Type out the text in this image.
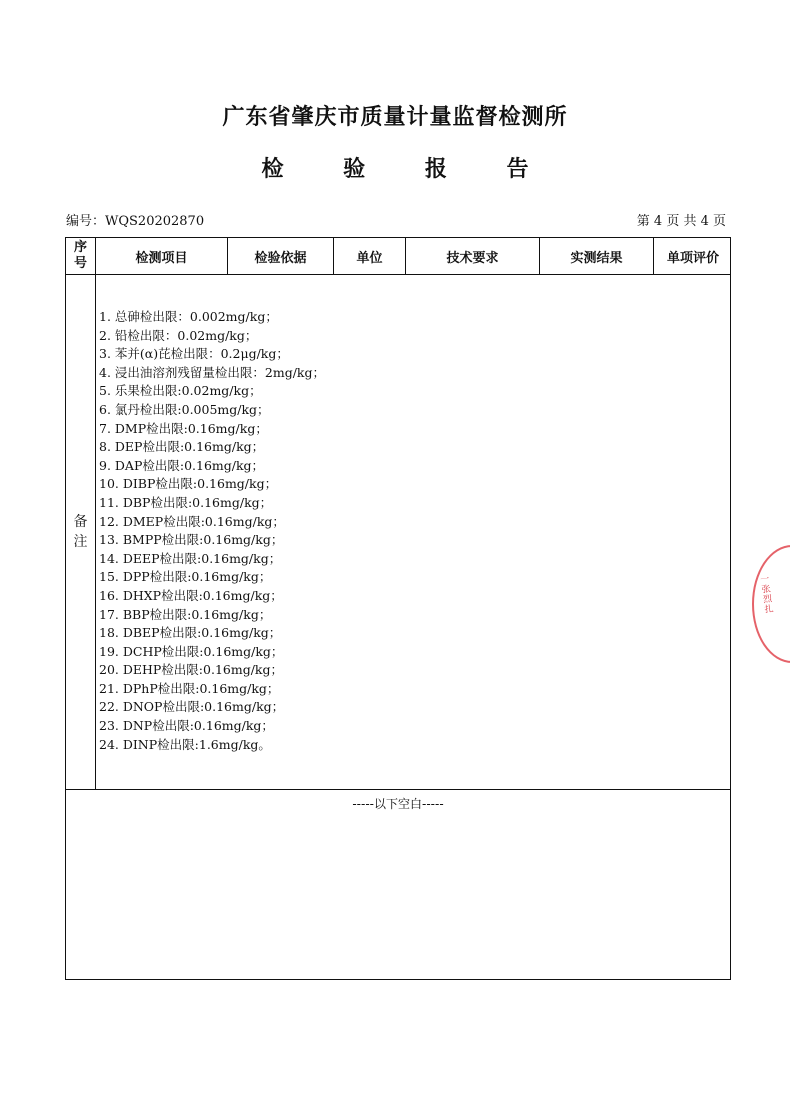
广东省肇庆市质量计量监督检测所
检 验 报 告
编号：WQS20202870	第 4 页 共 4 页
序
号	检测项目	检验依据	单位	技术要求	实测结果	单项评价
备
注
1. 总砷检出限：0.002mg/kg；
2. 铅检出限：0.02mg/kg；
3. 苯并(α)芘检出限：0.2μg/kg；
4. 浸出油溶剂残留量检出限：2mg/kg；
5. 乐果检出限:0.02mg/kg；
6. 氯丹检出限:0.005mg/kg；
7. DMP检出限:0.16mg/kg；
8. DEP检出限:0.16mg/kg；
9. DAP检出限:0.16mg/kg；
10. DIBP检出限:0.16mg/kg；
11. DBP检出限:0.16mg/kg；
12. DMEP检出限:0.16mg/kg；
13. BMPP检出限:0.16mg/kg；
14. DEEP检出限:0.16mg/kg；
15. DPP检出限:0.16mg/kg；
16. DHXP检出限:0.16mg/kg；
17. BBP检出限:0.16mg/kg；
18. DBEP检出限:0.16mg/kg；
19. DCHP检出限:0.16mg/kg；
20. DEHP检出限:0.16mg/kg；
21. DPhP检出限:0.16mg/kg；
22. DNOP检出限:0.16mg/kg；
23. DNP检出限:0.16mg/kg；
24. DINP检出限:1.6mg/kg。
-----以下空白-----
一张烈扎
